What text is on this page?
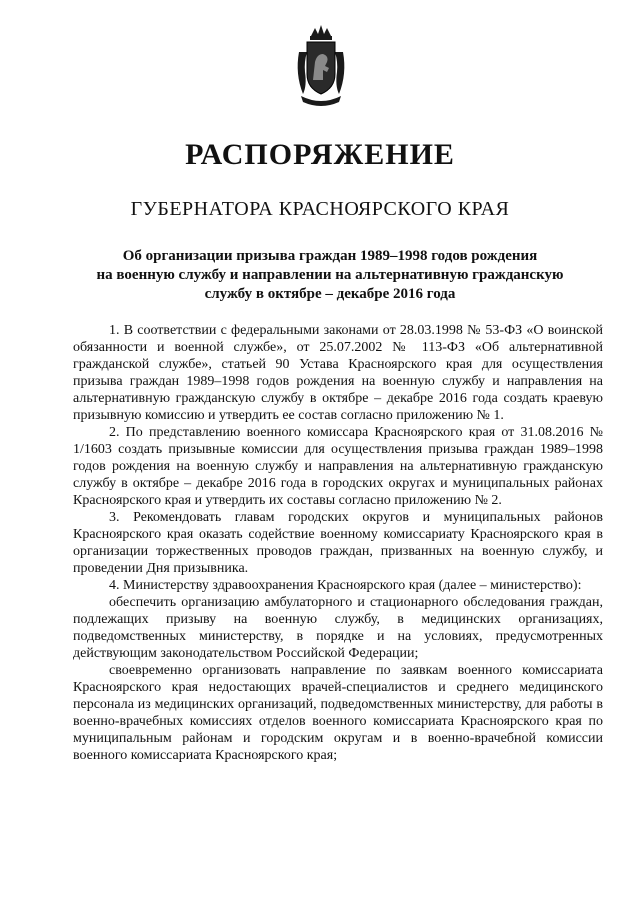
РАСПОРЯЖЕНИЕ
ГУБЕРНАТОРА КРАСНОЯРСКОГО КРАЯ
Об организации призыва граждан 1989–1998 годов рождения
на военную службу и направлении на альтернативную гражданскую
службу в октябре – декабре 2016 года

1. В соответствии с федеральными законами от 28.03.1998 № 53-ФЗ «О воинской обязанности и военной службе», от 25.07.2002 № 113-ФЗ «Об альтернативной гражданской службе», статьей 90 Устава Красноярского края для осуществления призыва граждан 1989–1998 годов рождения на военную службу и направления на альтернативную гражданскую службу в октябре – декабре 2016 года создать краевую призывную комиссию и утвердить ее состав согласно приложению № 1.

2. По представлению военного комиссара Красноярского края от 31.08.2016 № 1/1603 создать призывные комиссии для осуществления призыва граждан 1989–1998 годов рождения на военную службу и направления на альтернативную гражданскую службу в октябре – декабре 2016 года в городских округах и муниципальных районах Красноярского края и утвердить их составы согласно приложению № 2.

3. Рекомендовать главам городских округов и муниципальных районов Красноярского края оказать содействие военному комиссариату Красноярского края в организации торжественных проводов граждан, призванных на военную службу, и проведении Дня призывника.

4. Министерству здравоохранения Красноярского края (далее – министерство):

обеспечить организацию амбулаторного и стационарного обследования граждан, подлежащих призыву на военную службу, в медицинских организациях, подведомственных министерству, в порядке и на условиях, предусмотренных действующим законодательством Российской Федерации;

своевременно организовать направление по заявкам военного комиссариата Красноярского края недостающих врачей-специалистов и среднего медицинского персонала из медицинских организаций, подведомственных министерству, для работы в военно-врачебных комиссиях отделов военного комиссариата Красноярского края по муниципальным районам и городским округам и в военно-врачебной комиссии военного комиссариата Красноярского края;
